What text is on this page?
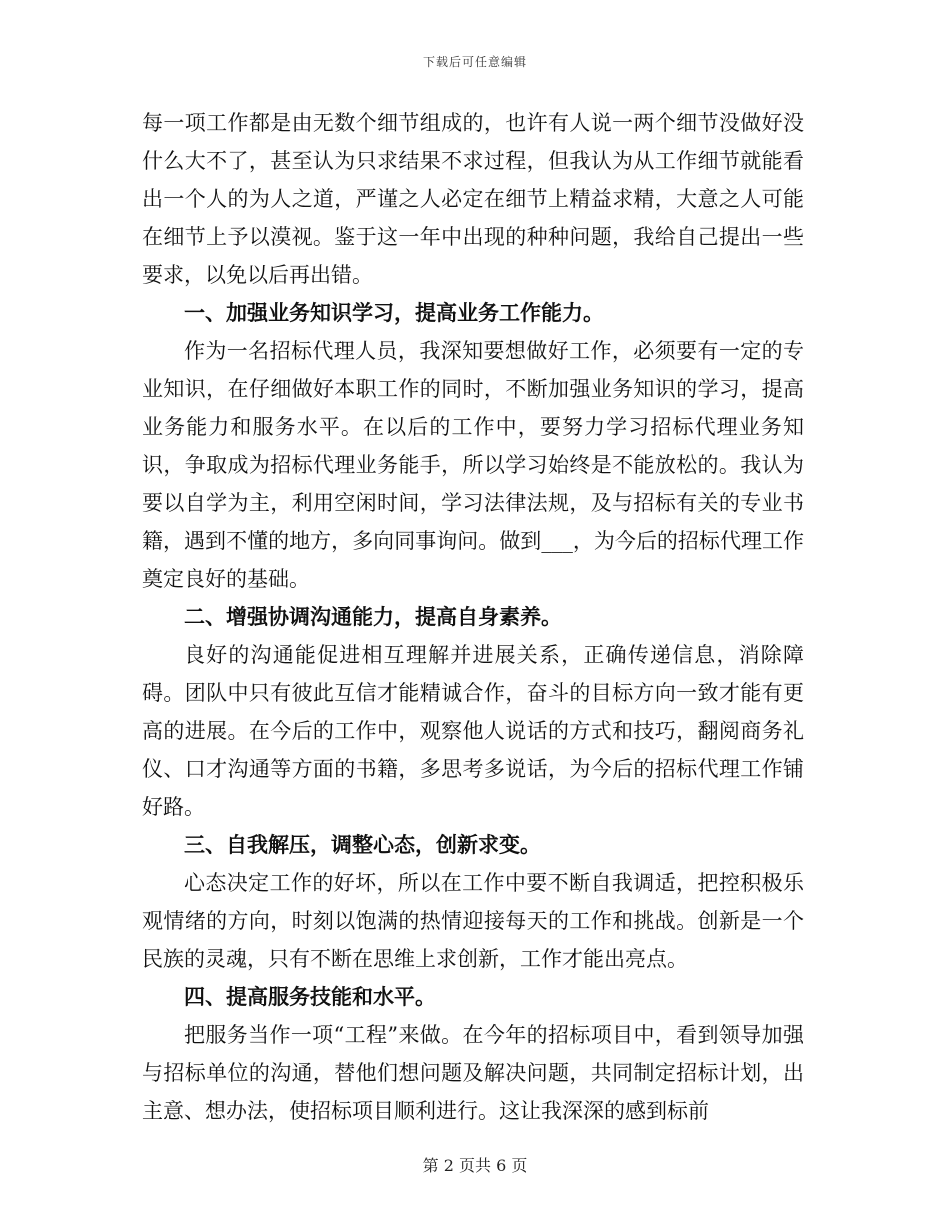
下载后可任意编辑

每一项工作都是由无数个细节组成的，也许有人说一两个细节没做好没什么大不了，甚至认为只求结果不求过程，但我认为从工作细节就能看出一个人的为人之道，严谨之人必定在细节上精益求精，大意之人可能在细节上予以漠视。鉴于这一年中出现的种种问题，我给自己提出一些要求，以免以后再出错。

一、加强业务知识学习，提高业务工作能力。

作为一名招标代理人员，我深知要想做好工作，必须要有一定的专业知识，在仔细做好本职工作的同时，不断加强业务知识的学习，提高业务能力和服务水平。在以后的工作中，要努力学习招标代理业务知识，争取成为招标代理业务能手，所以学习始终是不能放松的。我认为要以自学为主，利用空闲时间，学习法律法规，及与招标有关的专业书籍，遇到不懂的地方，多向同事询问。做到___，为今后的招标代理工作奠定良好的基础。

二、增强协调沟通能力，提高自身素养。

良好的沟通能促进相互理解并进展关系，正确传递信息，消除障碍。团队中只有彼此互信才能精诚合作，奋斗的目标方向一致才能有更高的进展。在今后的工作中，观察他人说话的方式和技巧，翻阅商务礼仪、口才沟通等方面的书籍，多思考多说话，为今后的招标代理工作铺好路。

三、自我解压，调整心态，创新求变。

心态决定工作的好坏，所以在工作中要不断自我调适，把控积极乐观情绪的方向，时刻以饱满的热情迎接每天的工作和挑战。创新是一个民族的灵魂，只有不断在思维上求创新，工作才能出亮点。

四、提高服务技能和水平。

把服务当作一项“工程”来做。在今年的招标项目中，看到领导加强与招标单位的沟通，替他们想问题及解决问题，共同制定招标计划，出主意、想办法，使招标项目顺利进行。这让我深深的感到标前

第 2 页共 6 页
